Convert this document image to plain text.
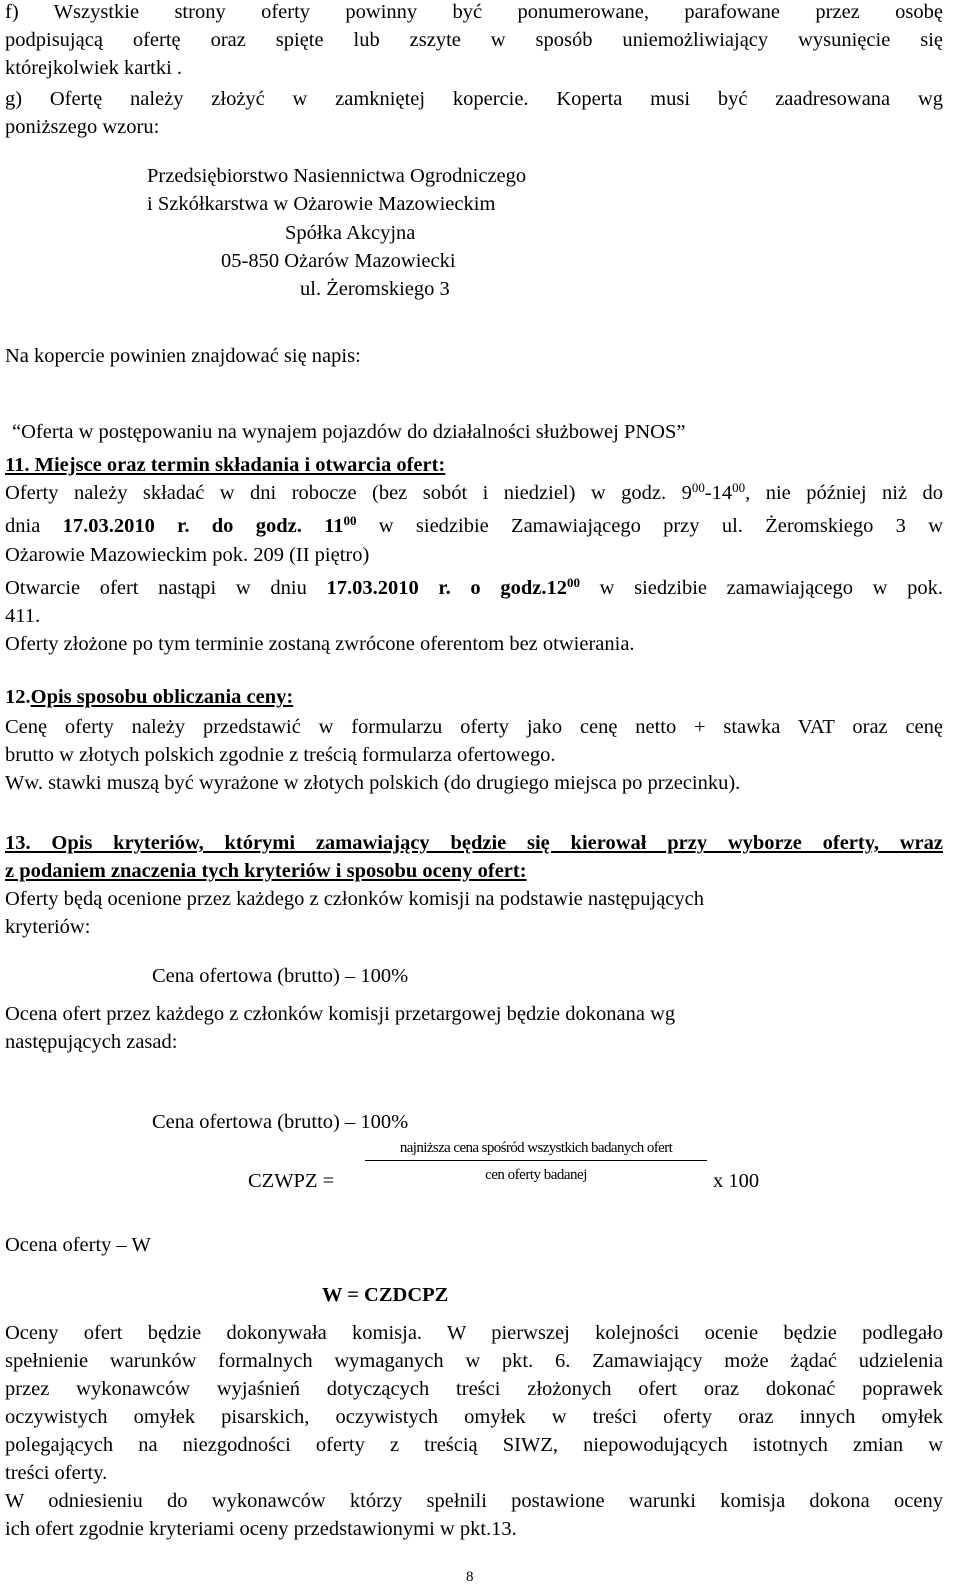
f) Wszystkie strony oferty powinny być ponumerowane, parafowane przez osobę

podpisującą ofertę oraz spięte lub zszyte w sposób uniemożliwiający wysunięcie się

którejkolwiek kartki .

g) Ofertę należy złożyć w zamkniętej kopercie. Koperta musi być zaadresowana wg

poniższego wzoru:

Przedsiębiorstwo Nasiennictwa Ogrodniczego

i Szkółkarstwa w Ożarowie Mazowieckim

Spółka Akcyjna

05-850 Ożarów Mazowiecki

ul. Żeromskiego 3

Na kopercie powinien znajdować się napis:

“Oferta w postępowaniu na wynajem pojazdów do działalności służbowej PNOS”

11. Miejsce oraz termin składania i otwarcia ofert:

Oferty należy składać w dni robocze (bez sobót i niedziel) w godz. $9^{00}-14^{00}$, nie później niż do

dnia 17.03.2010 r. do godz. $11^{00}$ w siedzibie Zamawiającego przy ul. Żeromskiego 3 w

Ożarowie Mazowieckim pok. 209 (II piętro)

Otwarcie ofert nastąpi w dniu 17.03.2010 r. o $godz.12^{00}$ w siedzibie zamawiającego w pok.

411.

Oferty złożone po tym terminie zostaną zwrócone oferentom bez otwierania.

12.Opis sposobu obliczania ceny:

Cenę oferty należy przedstawić w formularzu oferty jako cenę netto + stawka VAT oraz cenę

brutto w złotych polskich zgodnie z treścią formularza ofertowego.

Ww. stawki muszą być wyrażone w złotych polskich (do drugiego miejsca po przecinku).

13. Opis kryteriów, którymi zamawiający będzie się kierował przy wyborze oferty, wraz

z podaniem znaczenia tych kryteriów i sposobu oceny ofert:

Oferty będą ocenione przez każdego z członków komisji na podstawie następujących

kryteriów:

Cena ofertowa (brutto) – 100%

Ocena ofert przez każdego z członków komisji przetargowej będzie dokonana wg

następujących zasad:

Cena ofertowa (brutto) – 100%

CZWPZ =

najniższa cena spośród wszystkich badanych ofert
cen oferty badanej	x 100

Ocena oferty – W

W = CZDCPZ

Oceny ofert będzie dokonywała komisja. W pierwszej kolejności ocenie będzie podlegało

spełnienie warunków formalnych wymaganych w pkt. 6. Zamawiający może żądać udzielenia

przez wykonawców wyjaśnień dotyczących treści złożonych ofert oraz dokonać poprawek

oczywistych omyłek pisarskich, oczywistych omyłek w treści oferty oraz innych omyłek

polegających na niezgodności oferty z treścią SIWZ, niepowodujących istotnych zmian w

treści oferty.

W odniesieniu do wykonawców którzy spełnili postawione warunki komisja dokona oceny

ich ofert zgodnie kryteriami oceny przedstawionymi w pkt.13.

8
